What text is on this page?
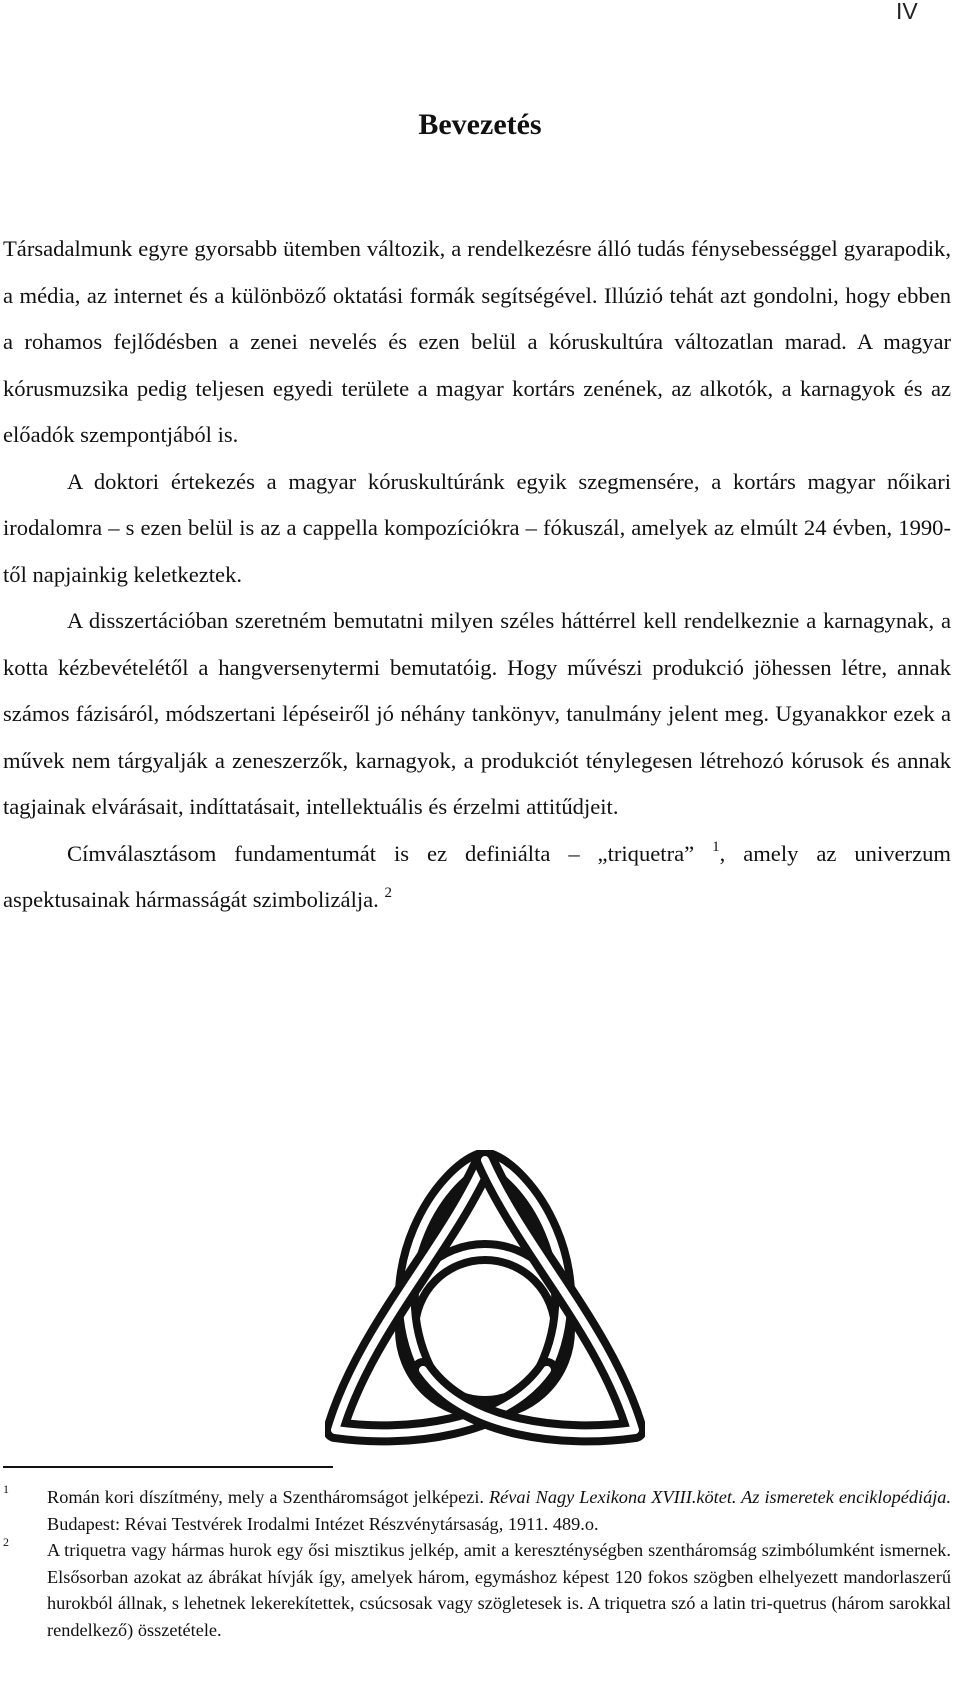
IV
Bevezetés

Társadalmunk egyre gyorsabb ütemben változik, a rendelkezésre álló tudás fénysebességgel gyarapodik, a média, az internet és a különböző oktatási formák segítségével. Illúzió tehát azt gondolni, hogy ebben a rohamos fejlődésben a zenei nevelés és ezen belül a kóruskultúra változatlan marad. A magyar kórusmuzsika pedig teljesen egyedi területe a magyar kortárs zenének, az alkotók, a karnagyok és az előadók szempontjából is.

A doktori értekezés a magyar kóruskultúránk egyik szegmensére, a kortárs magyar nőikari irodalomra – s ezen belül is az a cappella kompozíciókra – fókuszál, amelyek az elmúlt 24 évben, 1990-től napjainkig keletkeztek.

A disszertációban szeretném bemutatni milyen széles háttérrel kell rendelkeznie a karnagynak, a kotta kézbevételétől a hangversenytermi bemutatóig. Hogy művészi produkció jöhessen létre, annak számos fázisáról, módszertani lépéseiről jó néhány tankönyv, tanulmány jelent meg. Ugyanakkor ezek a művek nem tárgyalják a zeneszerzők, karnagyok, a produkciót ténylegesen létrehozó kórusok és annak tagjainak elvárásait, indíttatásait, intellektuális és érzelmi attitűdjeit.

Címválasztásom fundamentumát is ez definiálta – „triquetra” $^1$, amely az univerzum aspektusainak hármasságát szimbolizálja. $^2$

1 Román kori díszítmény, mely a Szentháromságot jelképezi. Révai Nagy Lexikona XVIII.kötet. Az ismeretek enciklopédiája. Budapest: Révai Testvérek Irodalmi Intézet Részvénytársaság, 1911. 489.o.
2 A triquetra vagy hármas hurok egy ősi misztikus jelkép, amit a kereszténységben szentháromság szimbólumként ismernek. Elsősorban azokat az ábrákat hívják így, amelyek három, egymáshoz képest 120 fokos szögben elhelyezett mandorlaszerű hurokból állnak, s lehetnek lekerekítettek, csúcsosak vagy szögletesek is. A triquetra szó a latin tri-quetrus (három sarokkal rendelkező) összetétele.
